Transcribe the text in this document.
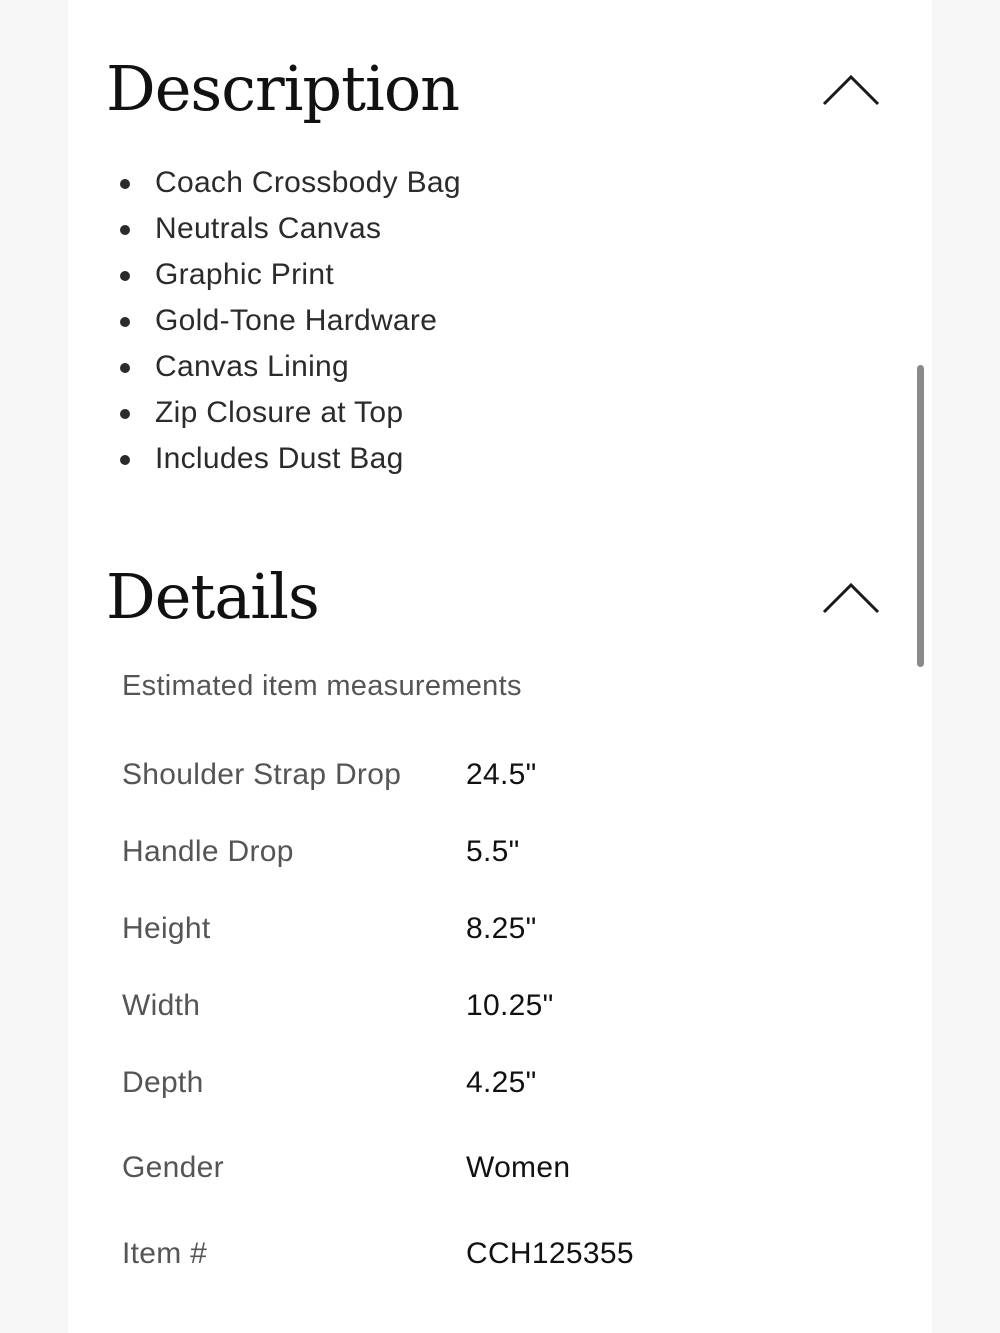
Description
Coach Crossbody Bag
Neutrals Canvas
Graphic Print
Gold-Tone Hardware
Canvas Lining
Zip Closure at Top
Includes Dust Bag
Details
Estimated item measurements
Shoulder Strap Drop 24.5"
Handle Drop	5.5"
Height	8.25"
Width	10.25"
Depth	4.25"
Gender	Women
Item #	CCH125355
